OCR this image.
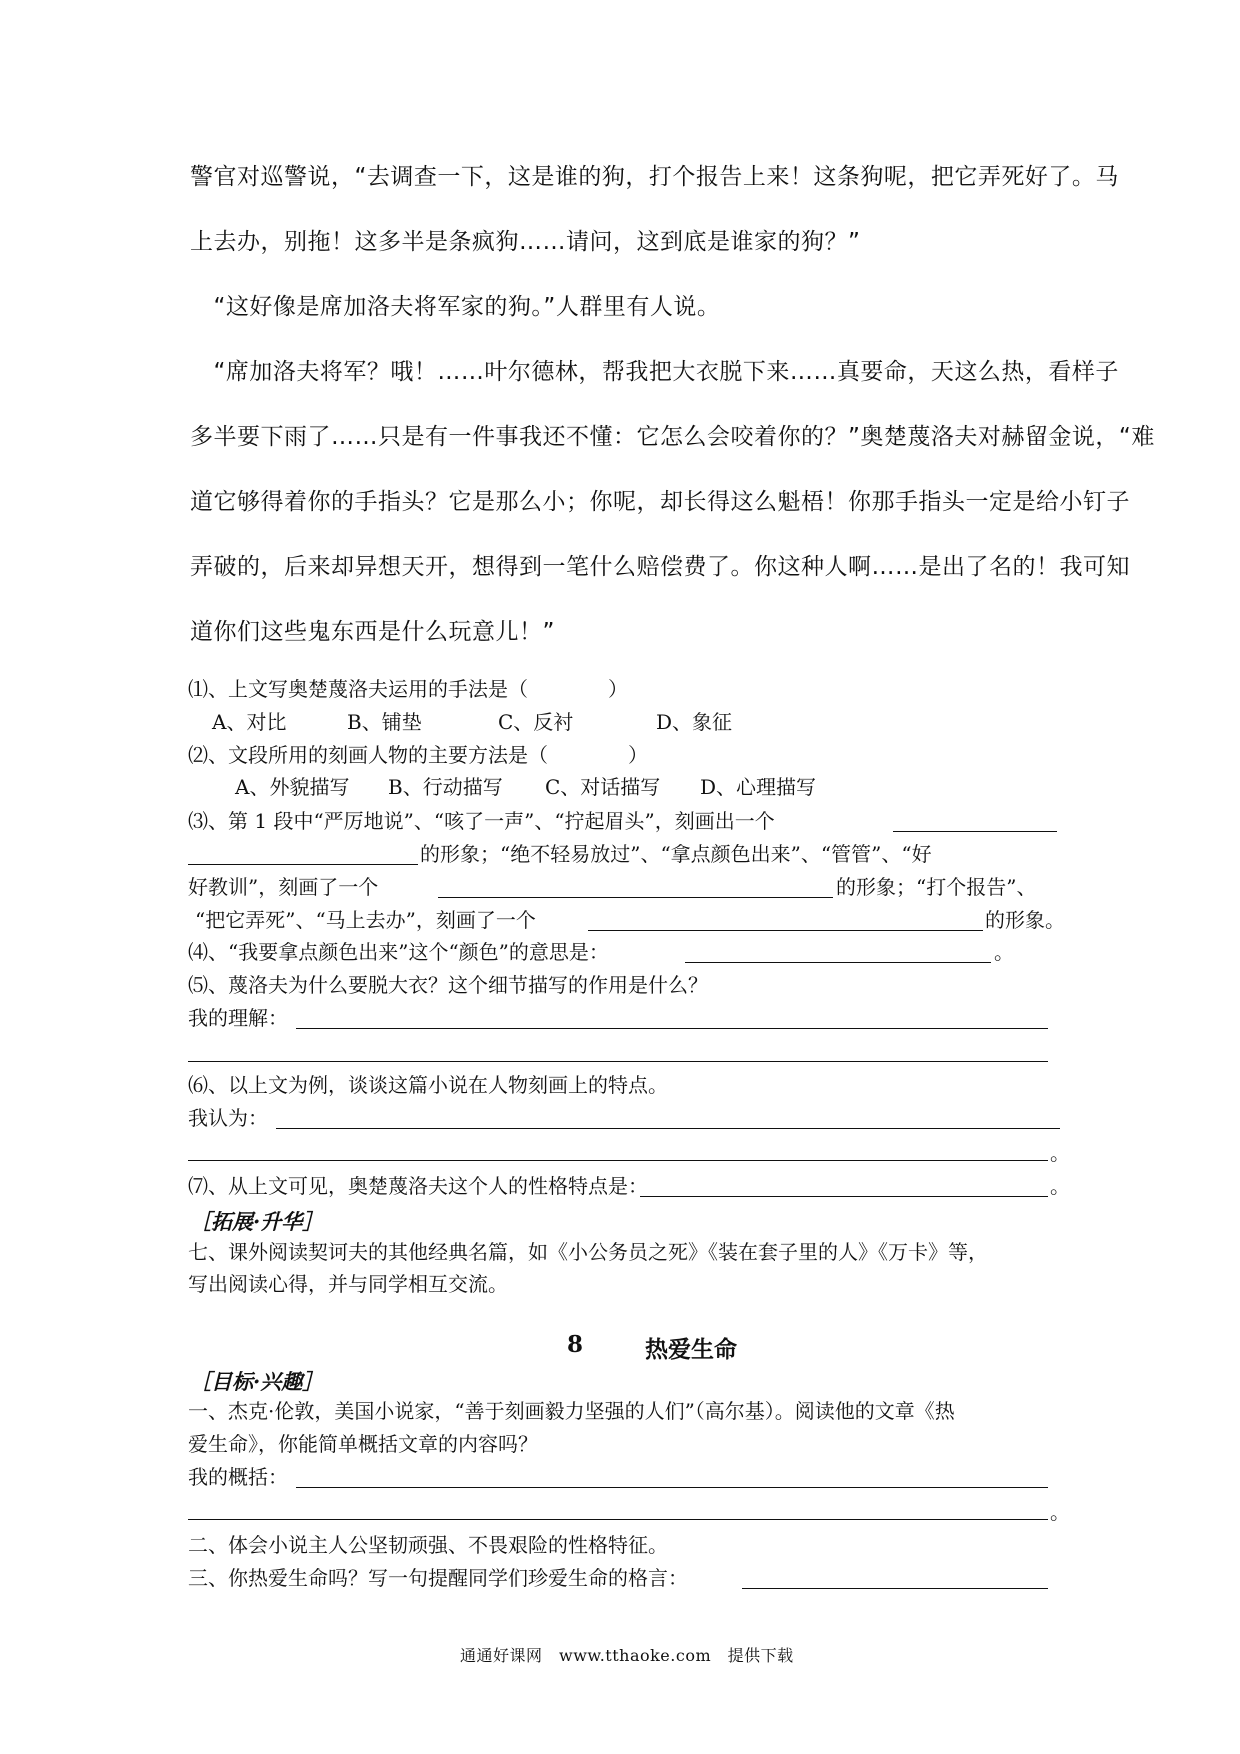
警官对巡警说，“去调查一下，这是谁的狗，打个报告上来！这条狗呢，把它弄死好了。马
上去办，别拖！这多半是条疯狗……请问，这到底是谁家的狗？”
　“这好像是席加洛夫将军家的狗。”人群里有人说。
　“席加洛夫将军？哦！……叶尔德林，帮我把大衣脱下来……真要命，天这么热，看样子
多半要下雨了……只是有一件事我还不懂：它怎么会咬着你的？”奥楚蔑洛夫对赫留金说，“难
道它够得着你的手指头？它是那么小；你呢，却长得这么魁梧！你那手指头一定是给小钉子
弄破的，后来却异想天开，想得到一笔什么赔偿费了。你这种人啊……是出了名的！我可知
道你们这些鬼东西是什么玩意儿！”
⑴、上文写奥楚蔑洛夫运用的手法是（　　　　）
A、对比	B、铺垫	C、反衬	D、象征
⑵、文段所用的刻画人物的主要方法是（　　　　）
A、外貌描写 B、行动描写 C、对话描写 D、心理描写
⑶、第 1 段中“严厉地说”、“咳了一声”、“拧起眉头”，刻画出一个
的形象；“绝不轻易放过”、“拿点颜色出来”、“管管”、“好
好教训”，刻画了一个	的形象；“打个报告”、
“把它弄死”、“马上去办”，刻画了一个	的形象。
⑷、“我要拿点颜色出来”这个“颜色”的意思是：	。
⑸、蔑洛夫为什么要脱大衣？这个细节描写的作用是什么？
我的理解：
⑹、以上文为例，谈谈这篇小说在人物刻画上的特点。
我认为：
。
⑺、从上文可见，奥楚蔑洛夫这个人的性格特点是：	。
［拓展·升华］
七、课外阅读契诃夫的其他经典名篇，如《小公务员之死》《装在套子里的人》《万卡》等，
写出阅读心得，并与同学相互交流。
8	热爱生命
［目标·兴趣］
一、杰克·伦敦，美国小说家，“善于刻画毅力坚强的人们”（高尔基）。阅读他的文章《热
爱生命》，你能简单概括文章的内容吗？
我的概括：
。
二、体会小说主人公坚韧顽强、不畏艰险的性格特征。
三、你热爱生命吗？写一句提醒同学们珍爱生命的格言：
通通好课网　www.tthaoke.com　提供下载
